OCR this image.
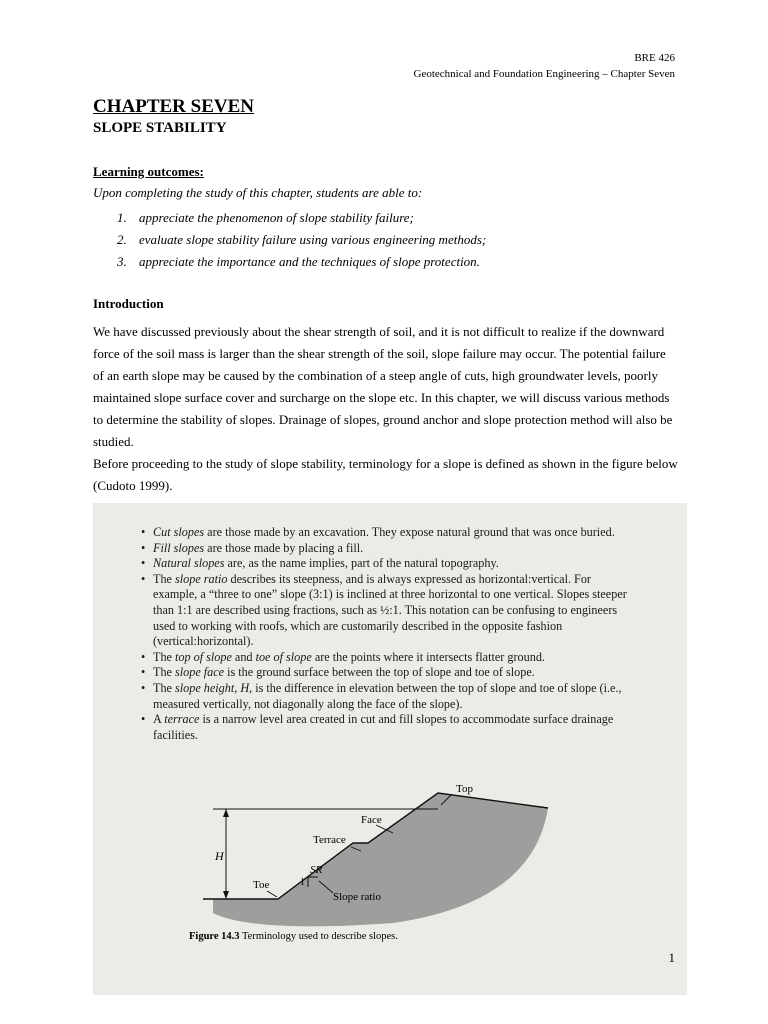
BRE 426
Geotechnical and Foundation Engineering – Chapter Seven
CHAPTER SEVEN
SLOPE STABILITY
Learning outcomes:
Upon completing the study of this chapter, students are able to:
1. appreciate the phenomenon of slope stability failure;
2. evaluate slope stability failure using various engineering methods;
3. appreciate the importance and the techniques of slope protection.
Introduction

We have discussed previously about the shear strength of soil, and it is not difficult to realize if the downward force of the soil mass is larger than the shear strength of the soil, slope failure may occur. The potential failure of an earth slope may be caused by the combination of a steep angle of cuts, high groundwater levels, poorly maintained slope surface cover and surcharge on the slope etc. In this chapter, we will discuss various methods to determine the stability of slopes. Drainage of slopes, ground anchor and slope protection method will also be studied.

Before proceeding to the study of slope stability, terminology for a slope is defined as shown in the figure below (Cudoto 1999).

• Cut slopes are those made by an excavation. They expose natural ground that was once buried.
• Fill slopes are those made by placing a fill.
• Natural slopes are, as the name implies, part of the natural topography.
• The slope ratio describes its steepness, and is always expressed as horizontal:vertical. For example, a “three to one” slope (3:1) is inclined at three horizontal to one vertical. Slopes steeper than 1:1 are described using fractions, such as ½:1. This notation can be confusing to engineers used to working with roofs, which are customarily described in the opposite fashion (vertical:horizontal).
• The top of slope and toe of slope are the points where it intersects flatter ground.
• The slope face is the ground surface between the top of slope and toe of slope.
• The slope height, H, is the difference in elevation between the top of slope and toe of slope (i.e., measured vertically, not diagonally along the face of the slope).
• A terrace is a narrow level area created in cut and fill slopes to accommodate surface drainage facilities.
H
SR
1
Top
Face
Terrace
Toe
Slope ratio
Figure 14.3 Terminology used to describe slopes.
1
